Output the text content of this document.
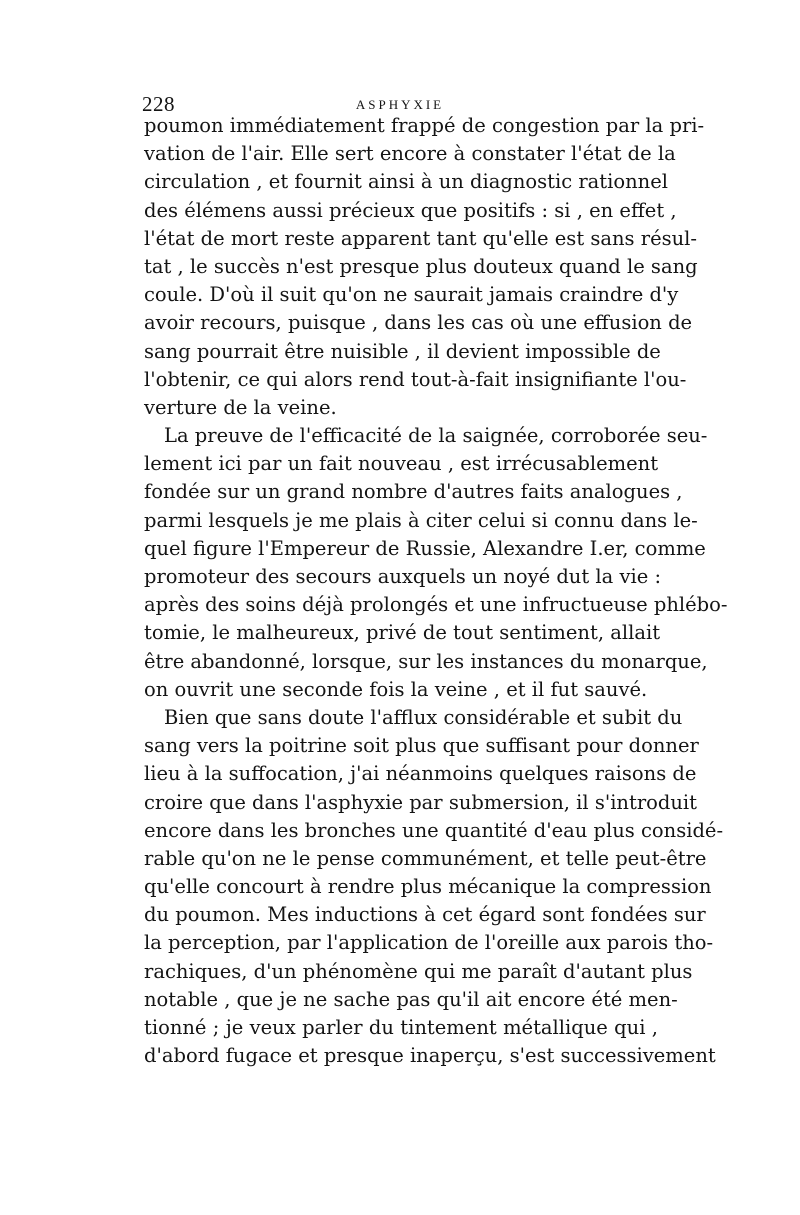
228	ASPHYXIE
poumon immédiatement frappé de congestion par la pri-
vation de l'air. Elle sert encore à constater l'état de la
circulation , et fournit ainsi à un diagnostic rationnel
des élémens aussi précieux que positifs : si , en effet ,
l'état de mort reste apparent tant qu'elle est sans résul-
tat , le succès n'est presque plus douteux quand le sang
coule. D'où il suit qu'on ne saurait jamais craindre d'y
avoir recours, puisque , dans les cas où une effusion de
sang pourrait être nuisible , il devient impossible de
l'obtenir, ce qui alors rend tout-à-fait insignifiante l'ou-
verture de la veine.
La preuve de l'efficacité de la saignée, corroborée seu-
lement ici par un fait nouveau , est irrécusablement
fondée sur un grand nombre d'autres faits analogues ,
parmi lesquels je me plais à citer celui si connu dans le-
quel figure l'Empereur de Russie, Alexandre I.er, comme
promoteur des secours auxquels un noyé dut la vie :
après des soins déjà prolongés et une infructueuse phlébo-
tomie, le malheureux, privé de tout sentiment, allait
être abandonné, lorsque, sur les instances du monarque,
on ouvrit une seconde fois la veine , et il fut sauvé.
Bien que sans doute l'afflux considérable et subit du
sang vers la poitrine soit plus que suffisant pour donner
lieu à la suffocation, j'ai néanmoins quelques raisons de
croire que dans l'asphyxie par submersion, il s'introduit
encore dans les bronches une quantité d'eau plus considé-
rable qu'on ne le pense communément, et telle peut-être
qu'elle concourt à rendre plus mécanique la compression
du poumon. Mes inductions à cet égard sont fondées sur
la perception, par l'application de l'oreille aux parois tho-
rachiques, d'un phénomène qui me paraît d'autant plus
notable , que je ne sache pas qu'il ait encore été men-
tionné ; je veux parler du tintement métallique qui ,
d'abord fugace et presque inaperçu, s'est successivement
